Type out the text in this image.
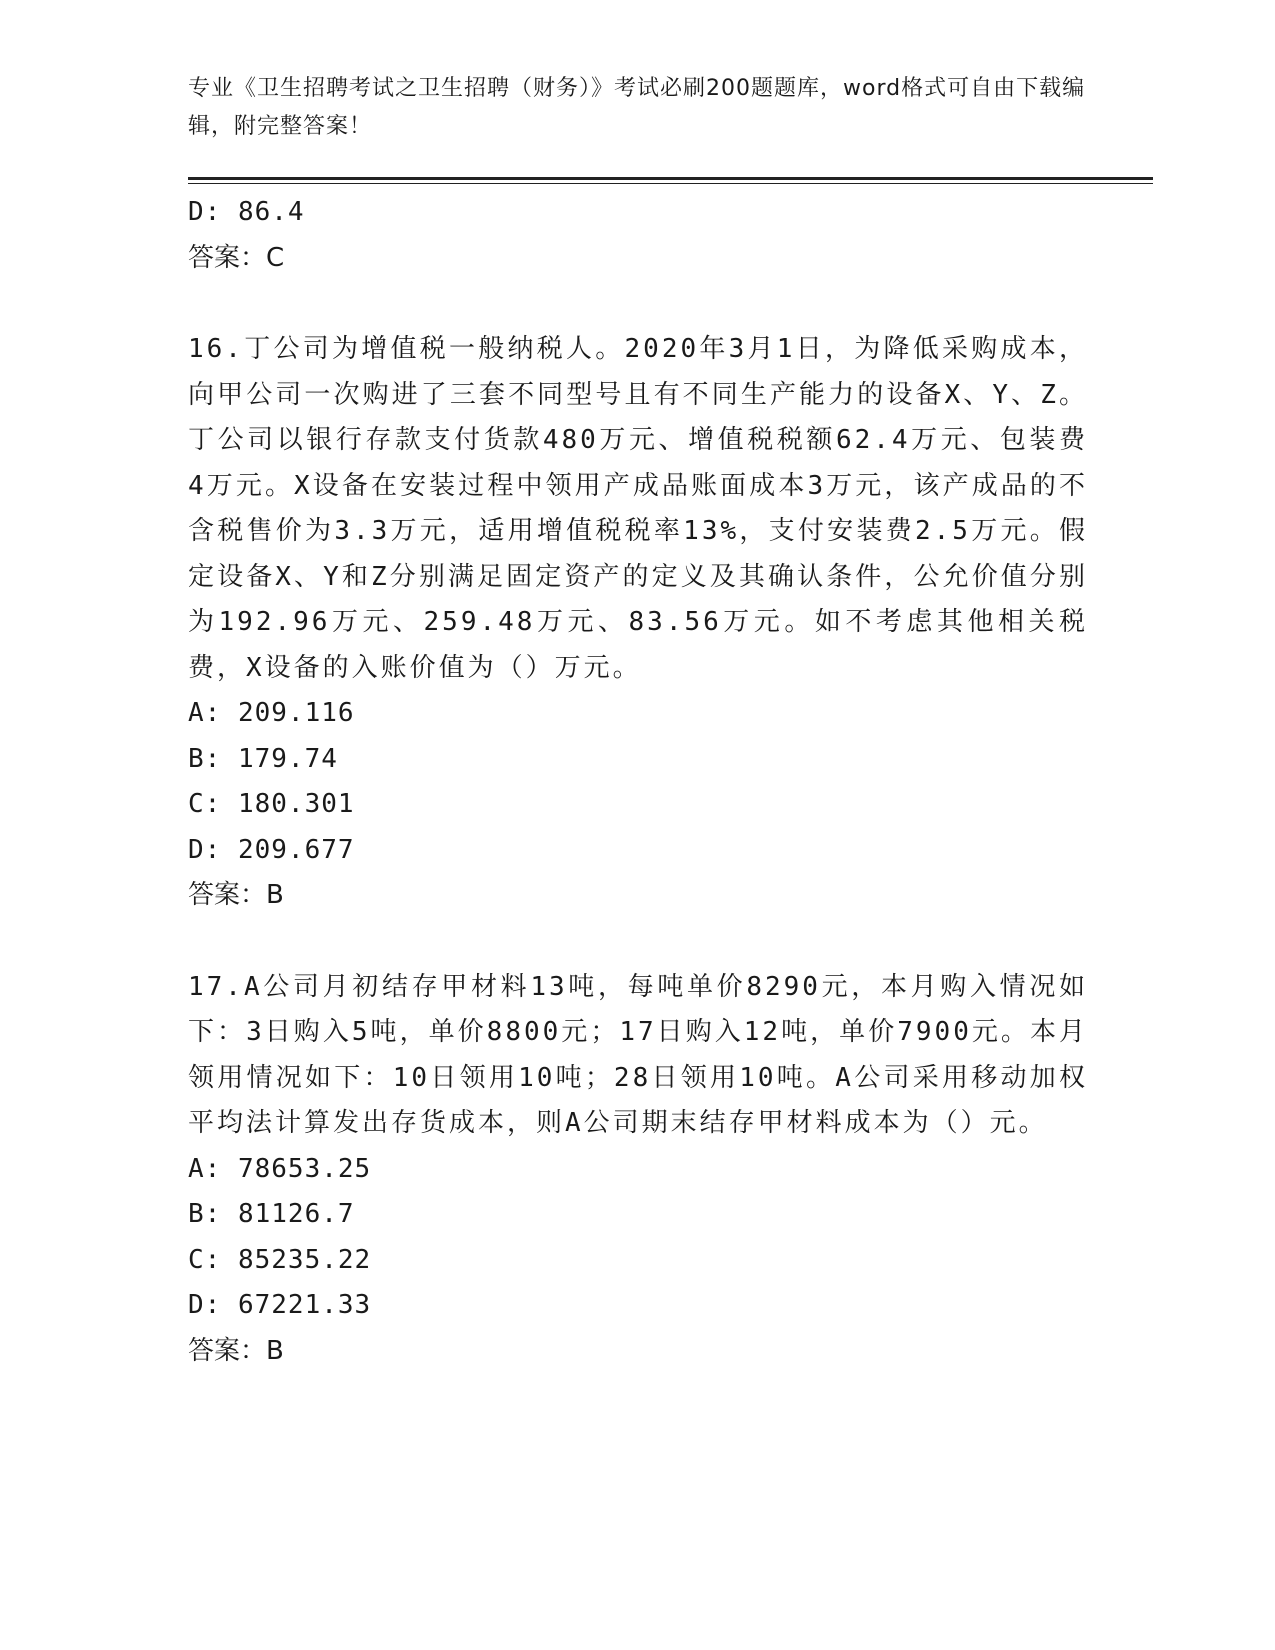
专业《卫生招聘考试之卫生招聘（财务）》考试必刷200题题库，word格式可自由下载编辑，附完整答案！
D: 86.4
答案：C
16.丁公司为增值税一般纳税人。2020年3月1日，为降低采购成本，向甲公司一次购进了三套不同型号且有不同生产能力的设备X、Y、Z。丁公司以银行存款支付货款480万元、增值税税额62.4万元、包装费4万元。X设备在安装过程中领用产成品账面成本3万元，该产成品的不含税售价为3.3万元，适用增值税税率13%，支付安装费2.5万元。假定设备X、Y和Z分别满足固定资产的定义及其确认条件，公允价值分别为192.96万元、259.48万元、83.56万元。如不考虑其他相关税费，X设备的入账价值为（）万元。
A: 209.116
B: 179.74
C: 180.301
D: 209.677
答案：B
17.A公司月初结存甲材料13吨，每吨单价8290元，本月购入情况如下：3日购入5吨，单价8800元；17日购入12吨，单价7900元。本月领用情况如下：10日领用10吨；28日领用10吨。A公司采用移动加权平均法计算发出存货成本，则A公司期末结存甲材料成本为（）元。
A: 78653.25
B: 81126.7
C: 85235.22
D: 67221.33
答案：B
